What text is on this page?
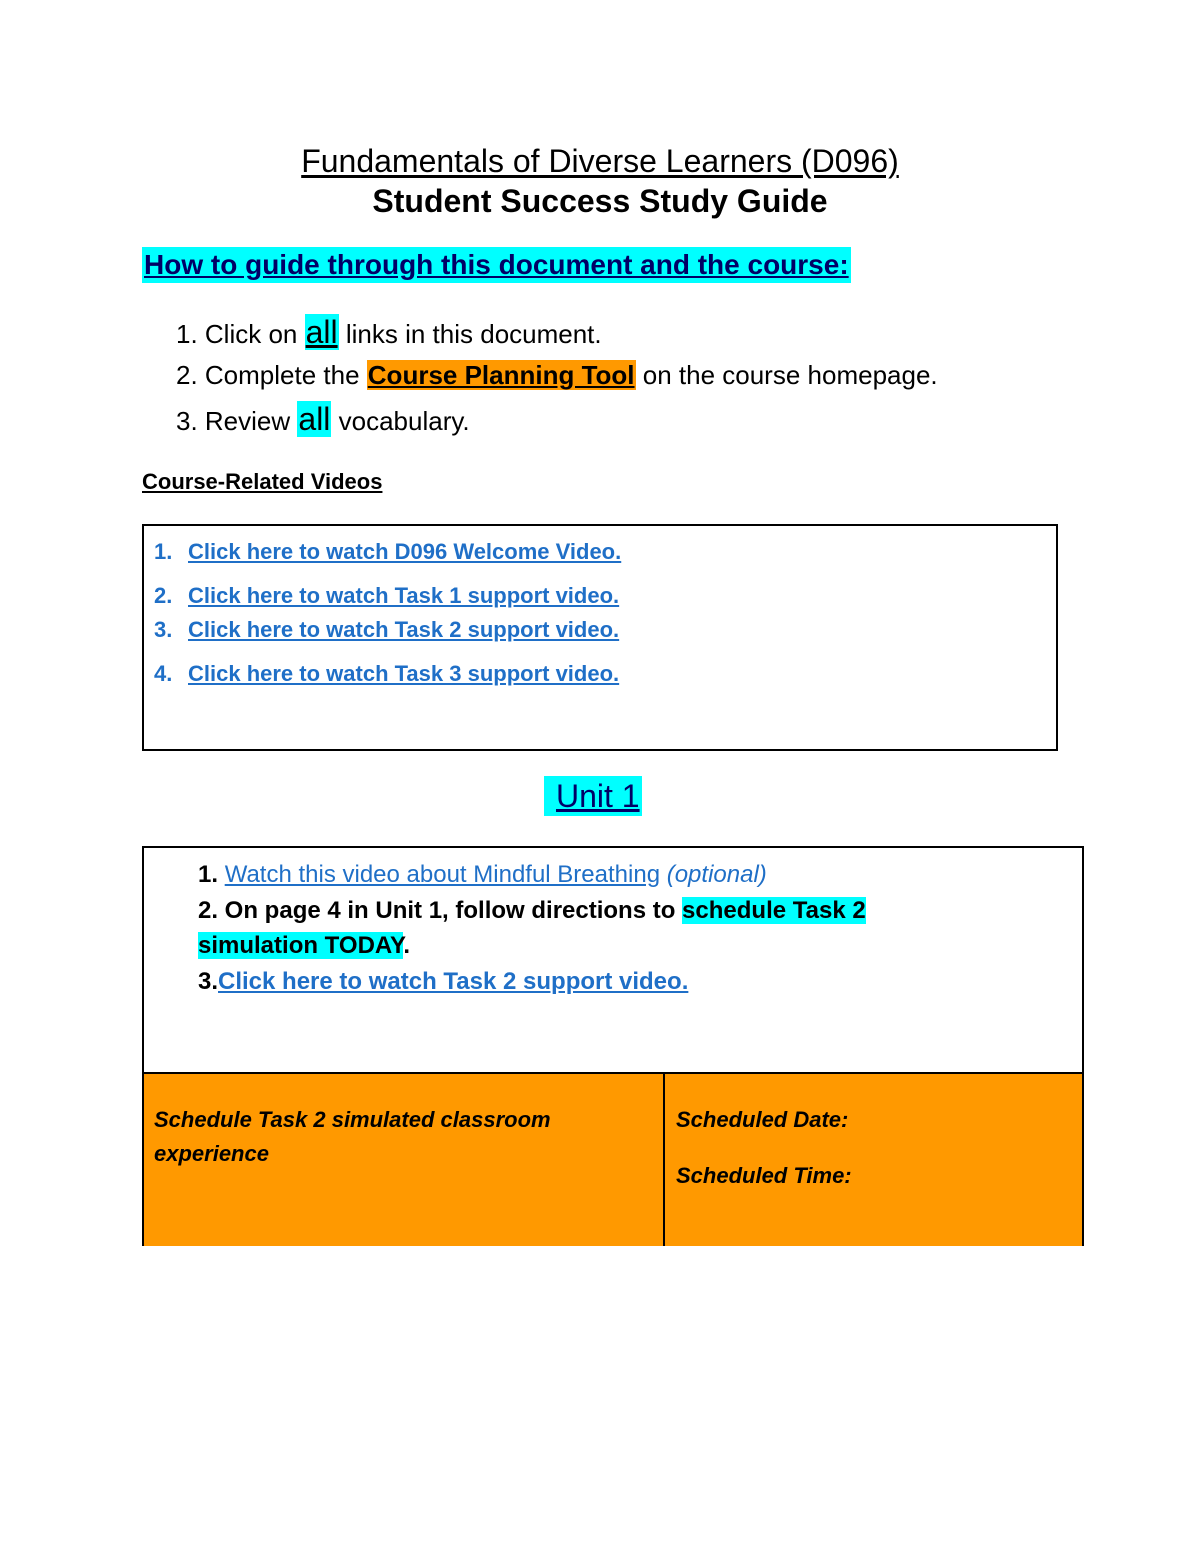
Fundamentals of Diverse Learners (D096)
Student Success Study Guide
How to guide through this document and the course:
1. Click on all links in this document.
2. Complete the Course Planning Tool on the course homepage.
3. Review all vocabulary.
Course-Related Videos
1. Click here to watch D096 Welcome Video.
2. Click here to watch Task 1 support video.
3. Click here to watch Task 2 support video.
4. Click here to watch Task 3 support video.
Unit 1
1. Watch this video about Mindful Breathing (optional)
2. On page 4 in Unit 1, follow directions to schedule Task 2
simulation TODAY.
3.Click here to watch Task 2 support video.
Schedule Task 2 simulated classroom experience
Scheduled Date:
Scheduled Time:
